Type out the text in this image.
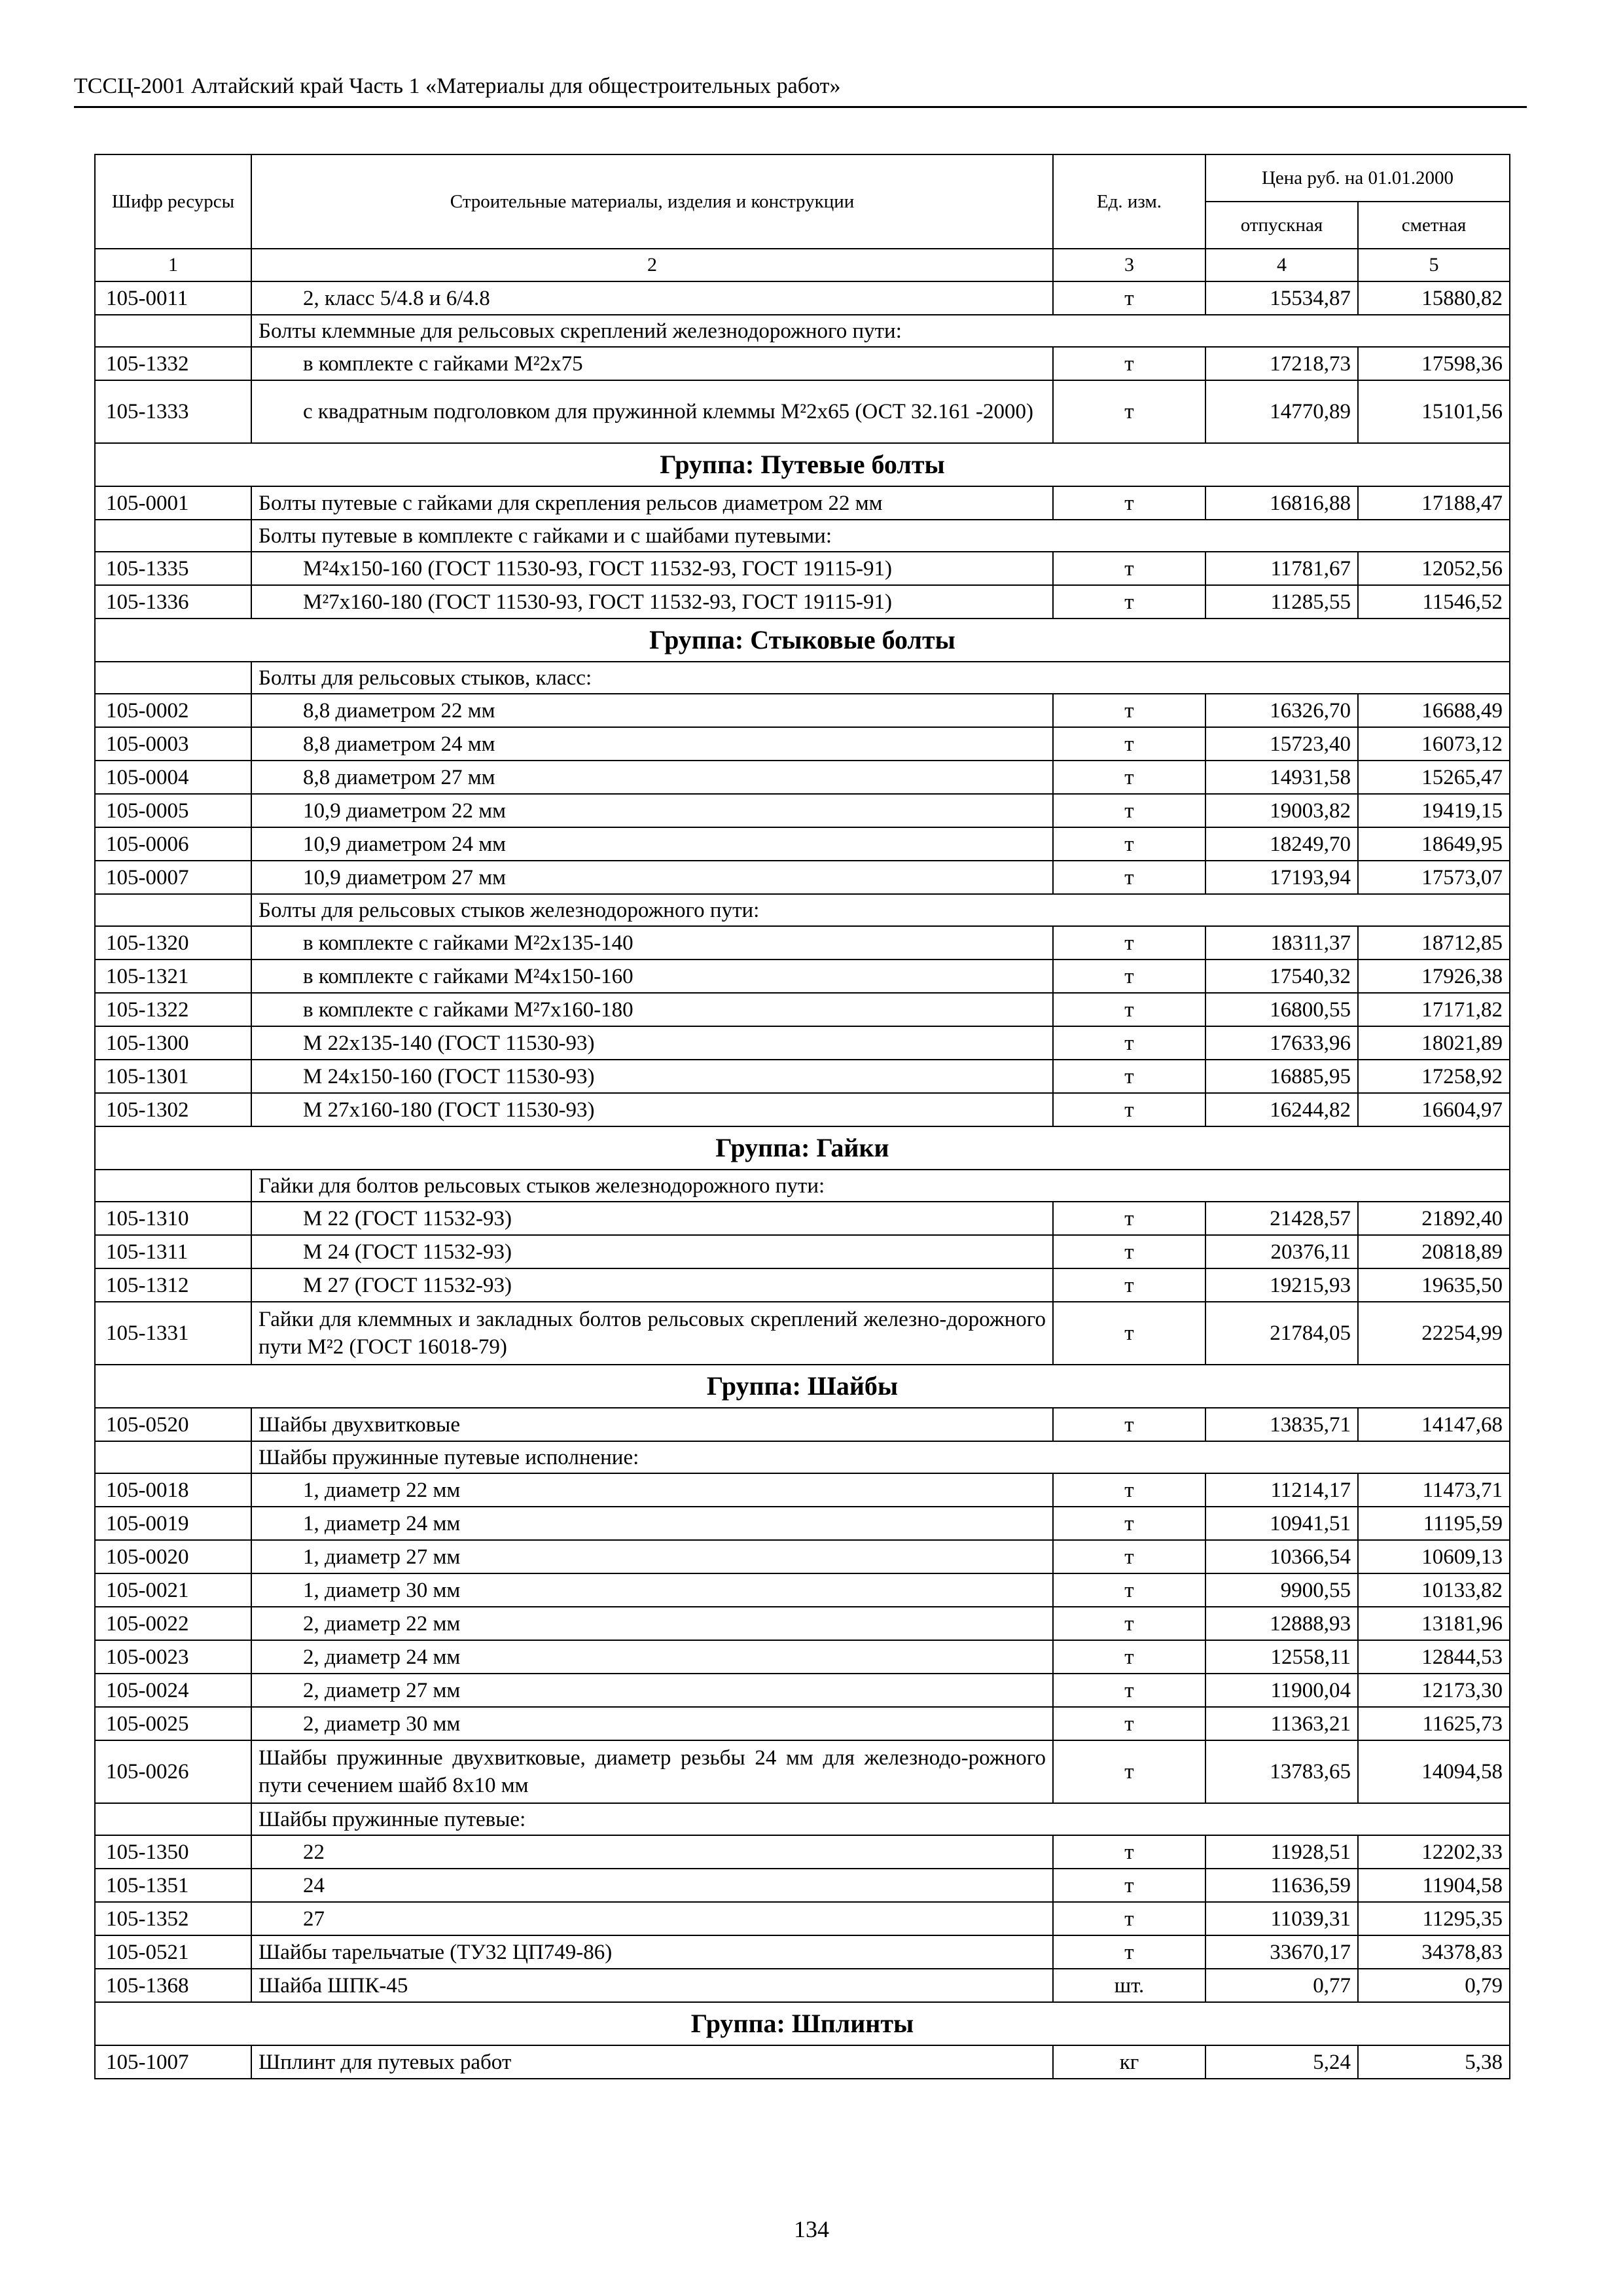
ТССЦ-2001 Алтайский край Часть 1 «Материалы для общестроительных работ»
Шифр ресурсы	Строительные материалы, изделия и конструкции	Ед. изм.	Цена руб. на 01.01.2000	
			отпускная	сметная
1	2	3	4	5
105-0011	2, класс 5/4.8 и 6/4.8	т	15534,87	15880,82
	Болты клеммные для рельсовых скреплений железнодорожного пути:			
105-1332	в комплекте с гайками М²2х75	т	17218,73	17598,36
105-1333	с квадратным подголовком для пружинной клеммы М²2х65 (ОСТ 32.161 -2000)	т	14770,89	15101,56
Группа: Путевые болты				
105-0001	Болты путевые с гайками для скрепления рельсов диаметром 22 мм	т	16816,88	17188,47
	Болты путевые в комплекте с гайками и с шайбами путевыми:			
105-1335	М²4х150-160 (ГОСТ 11530-93, ГОСТ 11532-93, ГОСТ 19115-91)	т	11781,67	12052,56
105-1336	М²7х160-180 (ГОСТ 11530-93, ГОСТ 11532-93, ГОСТ 19115-91)	т	11285,55	11546,52
Группа: Стыковые болты				
	Болты для рельсовых стыков, класс:			
105-0002	8,8 диаметром 22 мм	т	16326,70	16688,49
105-0003	8,8 диаметром 24 мм	т	15723,40	16073,12
105-0004	8,8 диаметром 27 мм	т	14931,58	15265,47
105-0005	10,9 диаметром 22 мм	т	19003,82	19419,15
105-0006	10,9 диаметром 24 мм	т	18249,70	18649,95
105-0007	10,9 диаметром 27 мм	т	17193,94	17573,07
	Болты для рельсовых стыков железнодорожного пути:			
105-1320	в комплекте с гайками М²2х135-140	т	18311,37	18712,85
105-1321	в комплекте с гайками М²4х150-160	т	17540,32	17926,38
105-1322	в комплекте с гайками М²7х160-180	т	16800,55	17171,82
105-1300	М 22х135-140 (ГОСТ 11530-93)	т	17633,96	18021,89
105-1301	М 24х150-160 (ГОСТ 11530-93)	т	16885,95	17258,92
105-1302	М 27х160-180 (ГОСТ 11530-93)	т	16244,82	16604,97
Группа: Гайки				
	Гайки для болтов рельсовых стыков железнодорожного пути:			
105-1310	М 22 (ГОСТ 11532-93)	т	21428,57	21892,40
105-1311	М 24 (ГОСТ 11532-93)	т	20376,11	20818,89
105-1312	М 27 (ГОСТ 11532-93)	т	19215,93	19635,50
105-1331	Гайки для клеммных и закладных болтов рельсовых скреплений железно-дорожного пути М²2 (ГОСТ 16018-79)	т	21784,05	22254,99
Группа: Шайбы				
105-0520	Шайбы двухвитковые	т	13835,71	14147,68
	Шайбы пружинные путевые исполнение:			
105-0018	1, диаметр 22 мм	т	11214,17	11473,71
105-0019	1, диаметр 24 мм	т	10941,51	11195,59
105-0020	1, диаметр 27 мм	т	10366,54	10609,13
105-0021	1, диаметр 30 мм	т	9900,55	10133,82
105-0022	2, диаметр 22 мм	т	12888,93	13181,96
105-0023	2, диаметр 24 мм	т	12558,11	12844,53
105-0024	2, диаметр 27 мм	т	11900,04	12173,30
105-0025	2, диаметр 30 мм	т	11363,21	11625,73
105-0026	Шайбы пружинные двухвитковые, диаметр резьбы 24 мм для железнодо-рожного пути сечением шайб 8х10 мм	т	13783,65	14094,58
	Шайбы пружинные путевые:			
105-1350	22	т	11928,51	12202,33
105-1351	24	т	11636,59	11904,58
105-1352	27	т	11039,31	11295,35
105-0521	Шайбы тарельчатые (ТУ32 ЦП749-86)	т	33670,17	34378,83
105-1368	Шайба ШПК-45	шт.	0,77	0,79
Группа: Шплинты				
105-1007	Шплинт для путевых работ	кг	5,24	5,38
134
